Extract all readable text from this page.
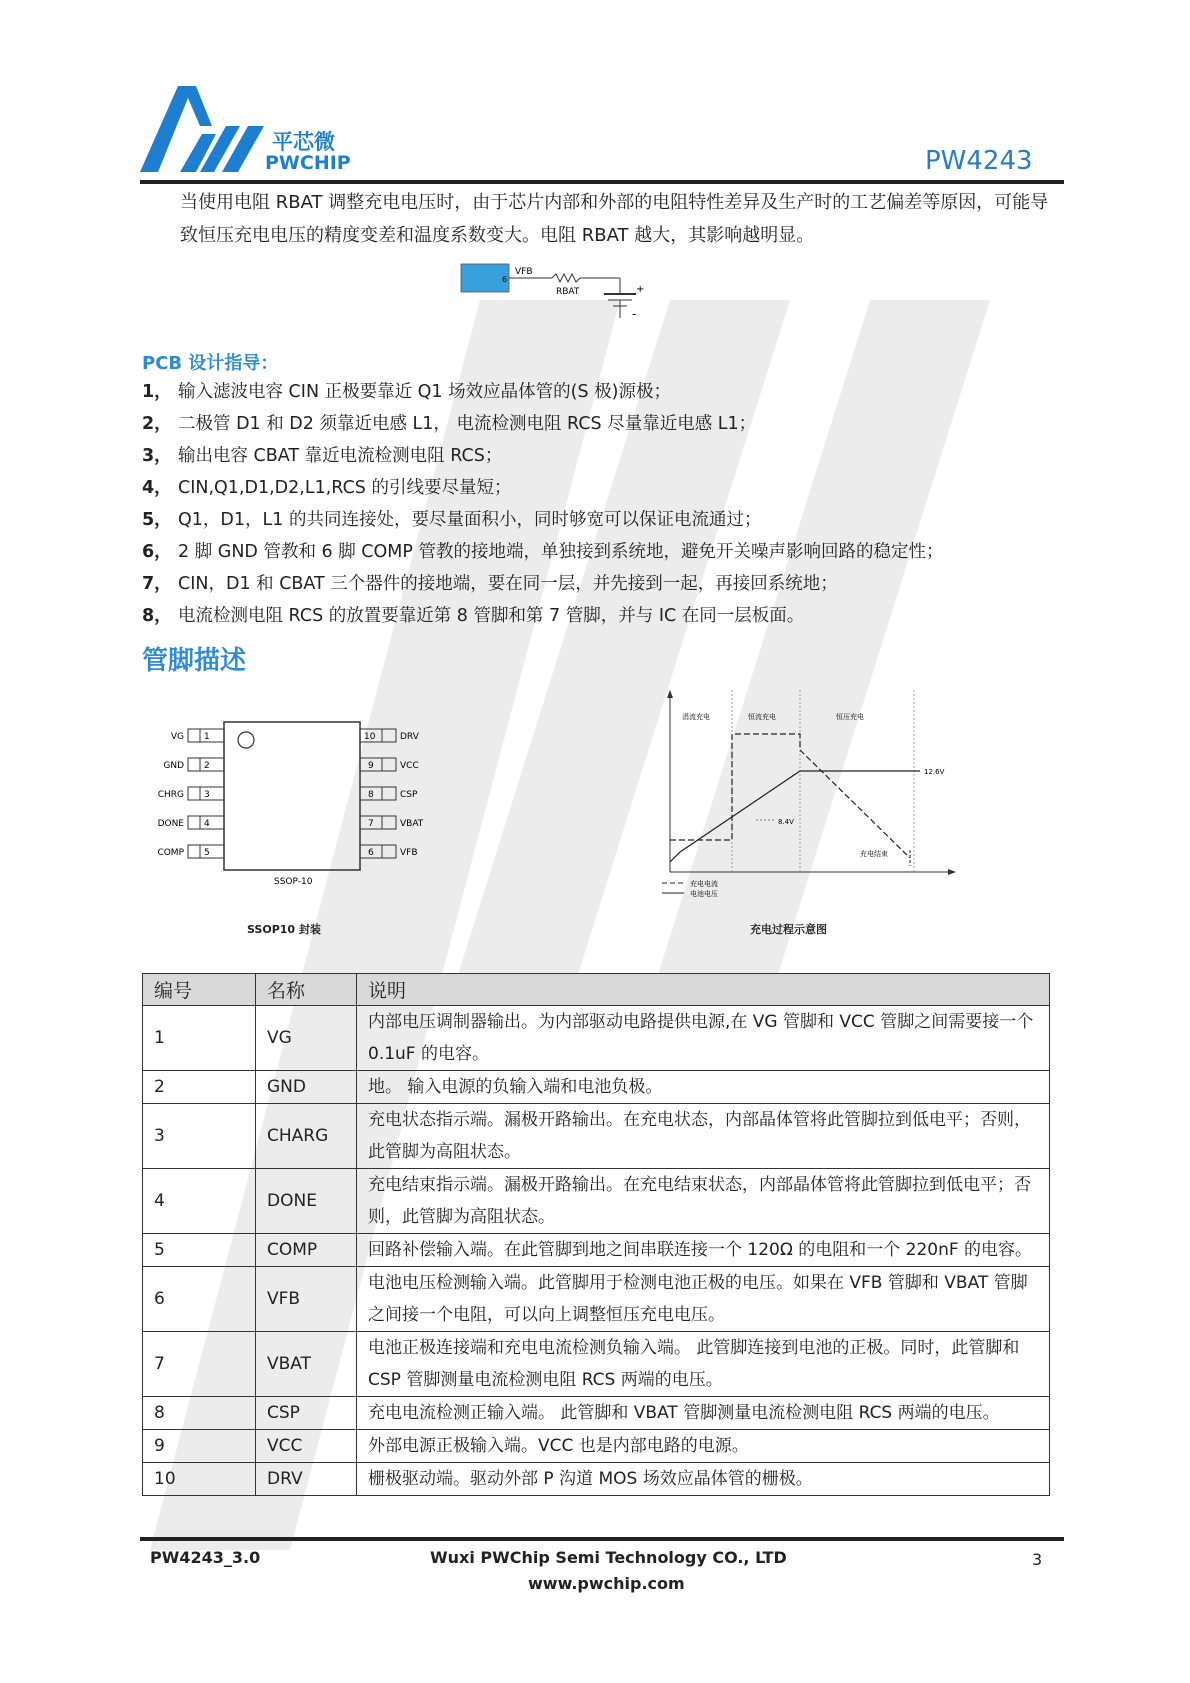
平芯微
PWCHIP	PW4243
当使用电阻 RBAT 调整充电电压时，由于芯片内部和外部的电阻特性差异及生产时的工艺偏差等原因，可能导致恒压充电电压的精度变差和温度系数变大。电阻 RBAT 越大，其影响越明显。
6
VFB
RBAT	+
-
PCB 设计指导：
1， 输入滤波电容 CIN 正极要靠近 Q1 场效应晶体管的(S 极)源极；
2， 二极管 D1 和 D2 须靠近电感 L1， 电流检测电阻 RCS 尽量靠近电感 L1；
3， 输出电容 CBAT 靠近电流检测电阻 RCS；
4， CIN,Q1,D1,D2,L1,RCS 的引线要尽量短；
5， Q1，D1，L1 的共同连接处，要尽量面积小，同时够宽可以保证电流通过；
6， 2 脚 GND 管教和 6 脚 COMP 管教的接地端，单独接到系统地，避免开关噪声影响回路的稳定性；
7， CIN，D1 和 CBAT 三个器件的接地端，要在同一层，并先接到一起，再接回系统地；
8， 电流检测电阻 RCS 的放置要靠近第 8 管脚和第 7 管脚，并与 IC 在同一层板面。
管脚描述
VG 1
GND 2
CHRG 3
DONE 4
COMP 5
10	DRV
9	VCC
8	CSP
7	VBAT
6	VFB
SSOP-10
SSOP10 封装
涓流充电	恒流充电	恒压充电
8.4V
12.6V
充电结束
充电电流
电池电压
充电过程示意图
编号	名称	说明
1	VG	内部电压调制器输出。为内部驱动电路提供电源,在 VG 管脚和 VCC 管脚之间需要接一个 0.1uF 的电容。
2	GND	地。 输入电源的负输入端和电池负极。
3	CHARG	充电状态指示端。漏极开路输出。在充电状态，内部晶体管将此管脚拉到低电平；否则，此管脚为高阻状态。
4	DONE	充电结束指示端。漏极开路输出。在充电结束状态，内部晶体管将此管脚拉到低电平；否则，此管脚为高阻状态。
5	COMP	回路补偿输入端。在此管脚到地之间串联连接一个 120Ω 的电阻和一个 220nF 的电容。
6	VFB	电池电压检测输入端。此管脚用于检测电池正极的电压。如果在 VFB 管脚和 VBAT 管脚之间接一个电阻，可以向上调整恒压充电电压。
7	VBAT	电池正极连接端和充电电流检测负输入端。 此管脚连接到电池的正极。同时，此管脚和 CSP 管脚测量电流检测电阻 RCS 两端的电压。
8	CSP	充电电流检测正输入端。 此管脚和 VBAT 管脚测量电流检测电阻 RCS 两端的电压。
9	VCC	外部电源正极输入端。VCC 也是内部电路的电源。
10	DRV	栅极驱动端。驱动外部 P 沟道 MOS 场效应晶体管的栅极。
PW4243_3.0	Wuxi PWChip Semi Technology CO., LTD
www.pwchip.com
3
